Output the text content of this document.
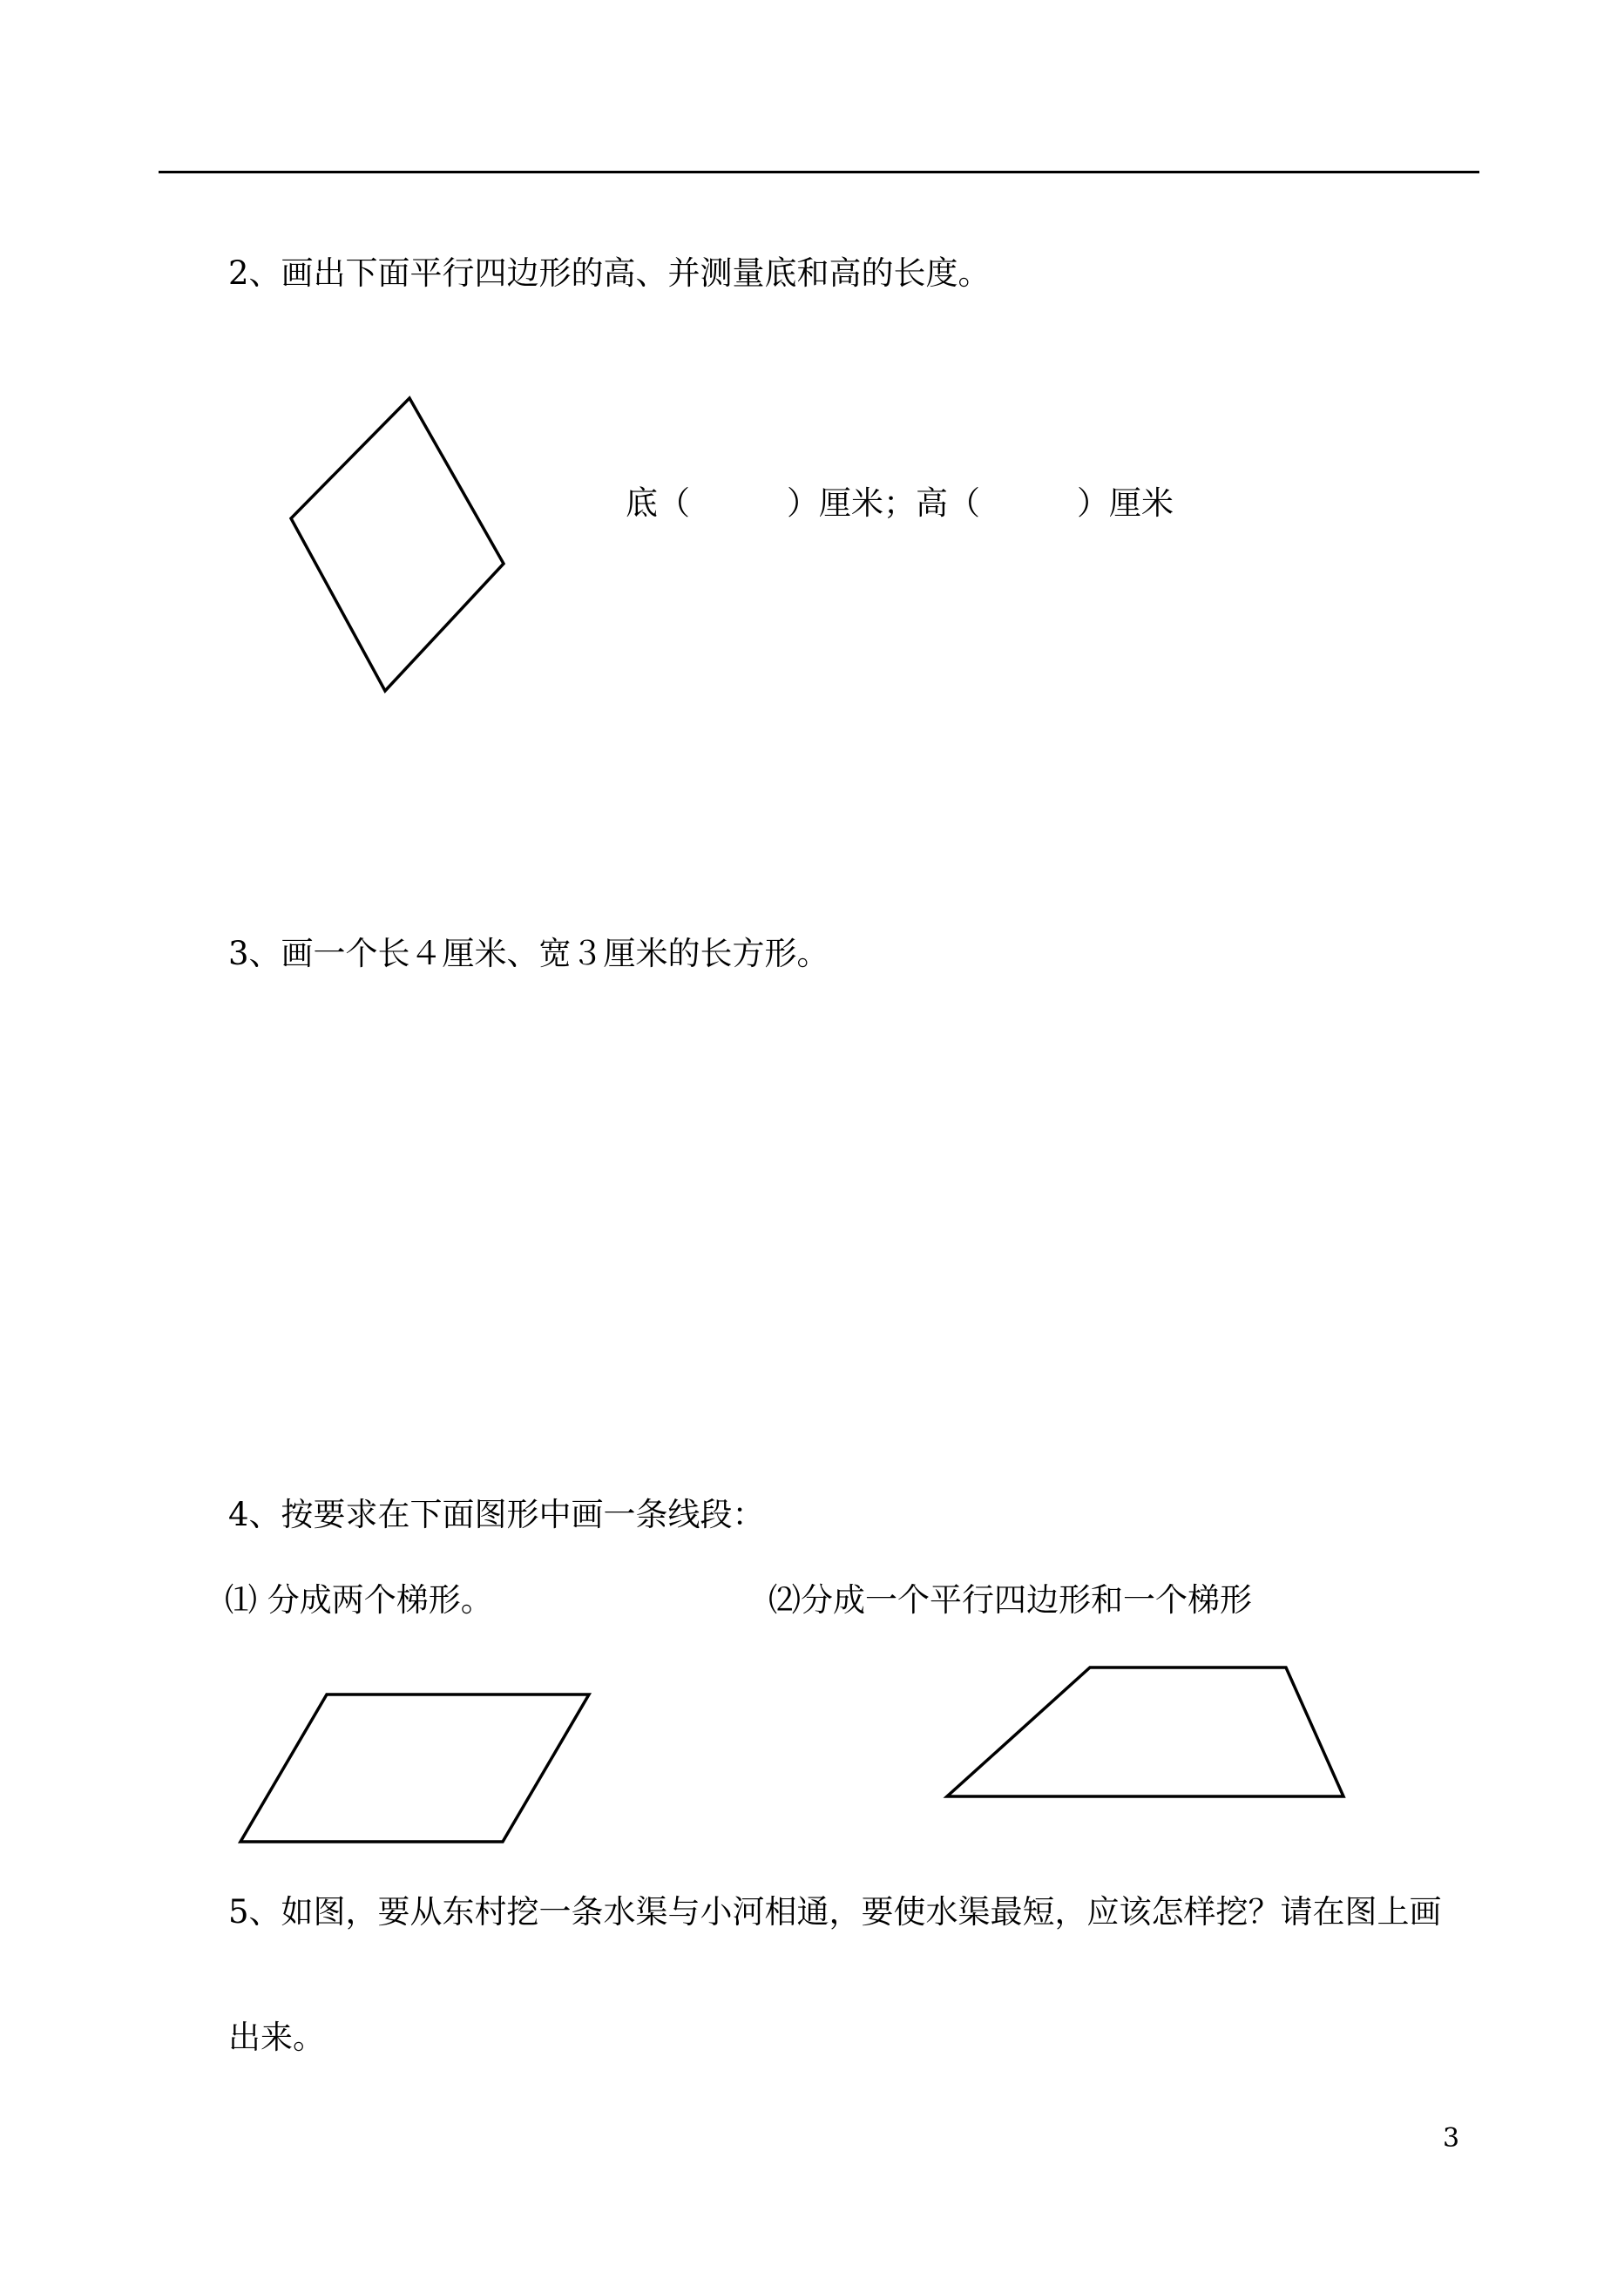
2、画出下面平行四边形的高、并测量底和高的长度。
底（　　　）厘米；高（　　　）厘米
3、画一个长４厘米、宽３厘米的长方形。
4、按要求在下面图形中画一条线段：
⑴ 分成两个梯形。	⑵分成一个平行四边形和一个梯形
5、如图，要从东村挖一条水渠与小河相通，要使水渠最短，应该怎样挖？请在图上画
出来。
3
